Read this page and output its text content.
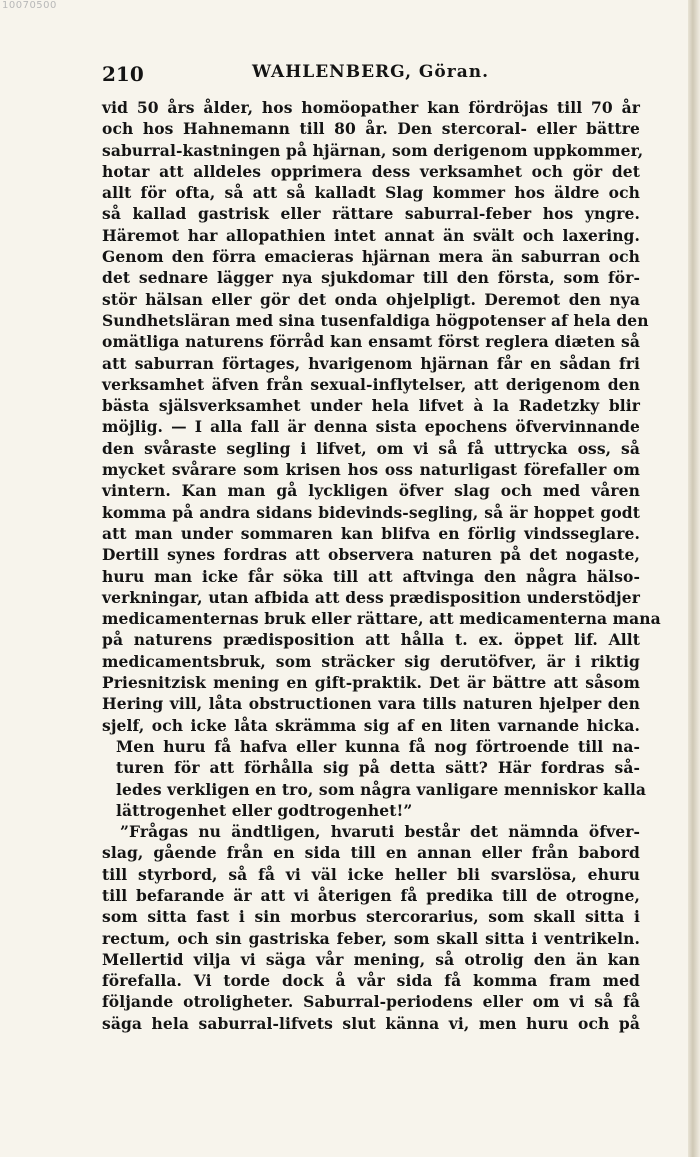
10070500
210	WAHLENBERG, Göran.
vid 50 års ålder, hos homöopather kan fördröjas till 70 år
och hos Hahnemann till 80 år. Den stercoral- eller bättre
saburral-kastningen på hjärnan, som derigenom uppkommer,
hotar att alldeles opprimera dess verksamhet och gör det
allt för ofta, så att så kalladt Slag kommer hos äldre och
så kallad gastrisk eller rättare saburral-feber hos yngre.
Häremot har allopathien intet annat än svält och laxering.
Genom den förra emacieras hjärnan mera än saburran och
det sednare lägger nya sjukdomar till den första, som för-
stör hälsan eller gör det onda ohjelpligt. Deremot den nya
Sundhetsläran med sina tusenfaldiga högpotenser af hela den
omätliga naturens förråd kan ensamt först reglera diæten så
att saburran förtages, hvarigenom hjärnan får en sådan fri
verksamhet äfven från sexual-inflytelser, att derigenom den
bästa själsverksamhet under hela lifvet à la Radetzky blir
möjlig. — I alla fall är denna sista epochens öfvervinnande
den svåraste segling i lifvet, om vi så få uttrycka oss, så
mycket svårare som krisen hos oss naturligast förefaller om
vintern. Kan man gå lyckligen öfver slag och med våren
komma på andra sidans bidevinds-segling, så är hoppet godt
att man under sommaren kan blifva en förlig vindsseglare.
Dertill synes fordras att observera naturen på det nogaste,
huru man icke får söka till att aftvinga den några hälso-
verkningar, utan afbida att dess prædisposition understödjer
medicamenternas bruk eller rättare, att medicamenterna mana
på naturens prædisposition att hålla t. ex. öppet lif. Allt
medicamentsbruk, som sträcker sig derutöfver, är i riktig
Priesnitzisk mening en gift-praktik. Det är bättre att såsom
Hering vill, låta obstructionen vara tills naturen hjelper den
sjelf, och icke låta skrämma sig af en liten varnande hicka.
Men huru få hafva eller kunna få nog förtroende till na-
turen för att förhålla sig på detta sätt? Här fordras så-
ledes verkligen en tro, som några vanligare menniskor kalla
lättrogenhet eller godtrogenhet!”
”Frågas nu ändtligen, hvaruti består det nämnda öfver-
slag, gående från en sida till en annan eller från babord
till styrbord, så få vi väl icke heller bli svarslösa, ehuru
till befarande är att vi återigen få predika till de otrogne,
som sitta fast i sin morbus stercorarius, som skall sitta i
rectum, och sin gastriska feber, som skall sitta i ventrikeln.
Mellertid vilja vi säga vår mening, så otrolig den än kan
förefalla. Vi torde dock å vår sida få komma fram med
följande otroligheter. Saburral-periodens eller om vi så få
säga hela saburral-lifvets slut känna vi, men huru och på
